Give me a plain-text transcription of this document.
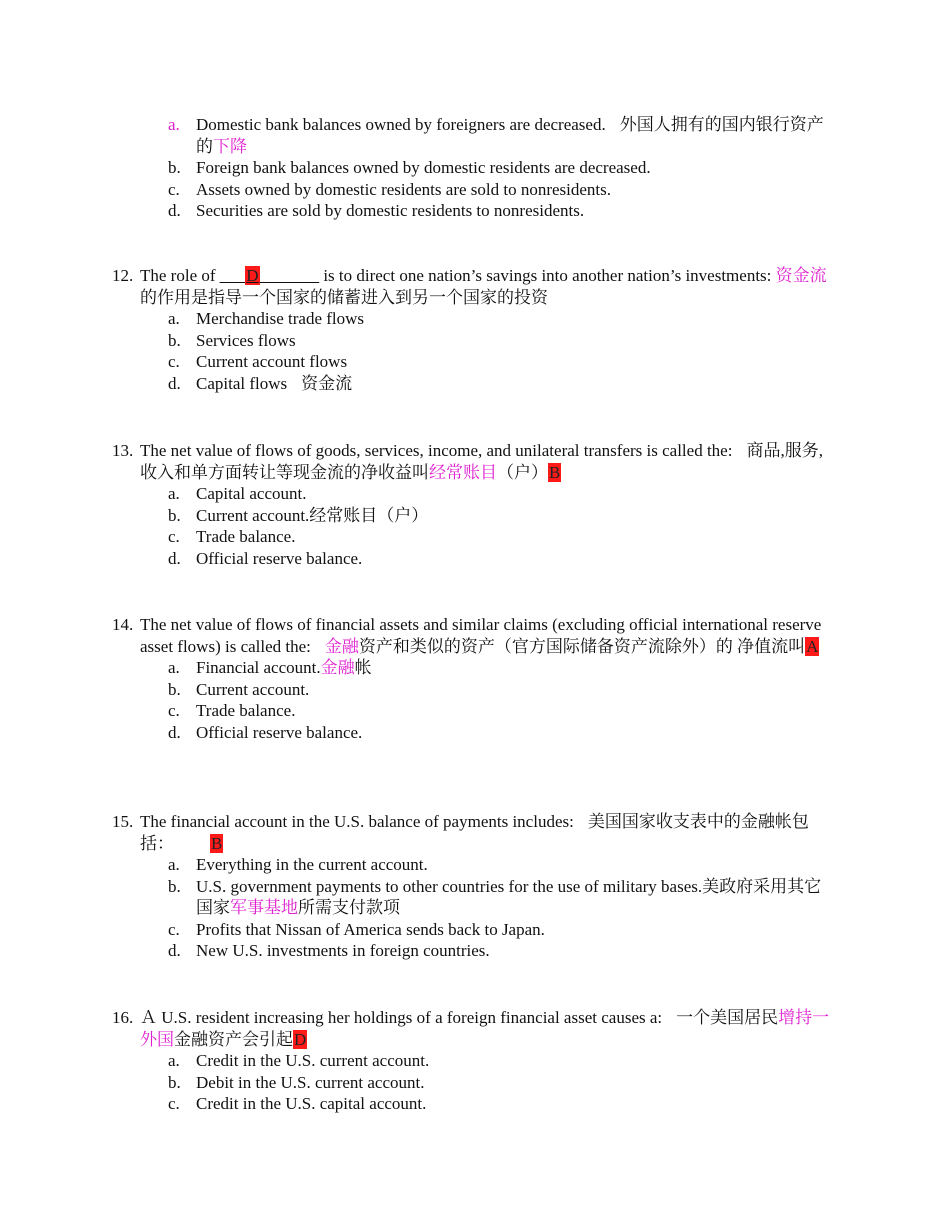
a. Domestic bank balances owned by foreigners are decreased. 外国人拥有的国内银行资产的下降
b. Foreign bank balances owned by domestic residents are decreased.
c. Assets owned by domestic residents are sold to nonresidents.
d. Securities are sold by domestic residents to nonresidents.
12. The role of ___D_______ is to direct one nation’s savings into another nation’s investments: 资金流的作用是指导一个国家的储蓄进入到另一个国家的投资
a. Merchandise trade flows
b. Services flows
c. Current account flows
d. Capital flows 资金流
13. The net value of flows of goods, services, income, and unilateral transfers is called the: 商品,服务,收入和单方面转让等现金流的净收益叫经常账目（户）B
a. Capital account.
b. Current account.经常账目（户）
c. Trade balance.
d. Official reserve balance.
14. The net value of flows of financial assets and similar claims (excluding official international reserve asset flows) is called the: 金融资产和类似的资产（官方国际储备资产流除外）的 净值流叫A
a. Financial account.金融帐
b. Current account.
c. Trade balance.
d. Official reserve balance.
15. The financial account in the U.S. balance of payments includes: 美国国家收支表中的金融帐包括： B
a. Everything in the current account.
b. U.S. government payments to other countries for the use of military bases.美政府采用其它国家军事基地所需支付款项
c. Profits that Nissan of America sends back to Japan.
d. New U.S. investments in foreign countries.
16. Ａ U.S. resident increasing her holdings of a foreign financial asset causes a: 一个美国居民增持一外国金融资产会引起D
a. Credit in the U.S. current account.
b. Debit in the U.S. current account.
c. Credit in the U.S. capital account.
